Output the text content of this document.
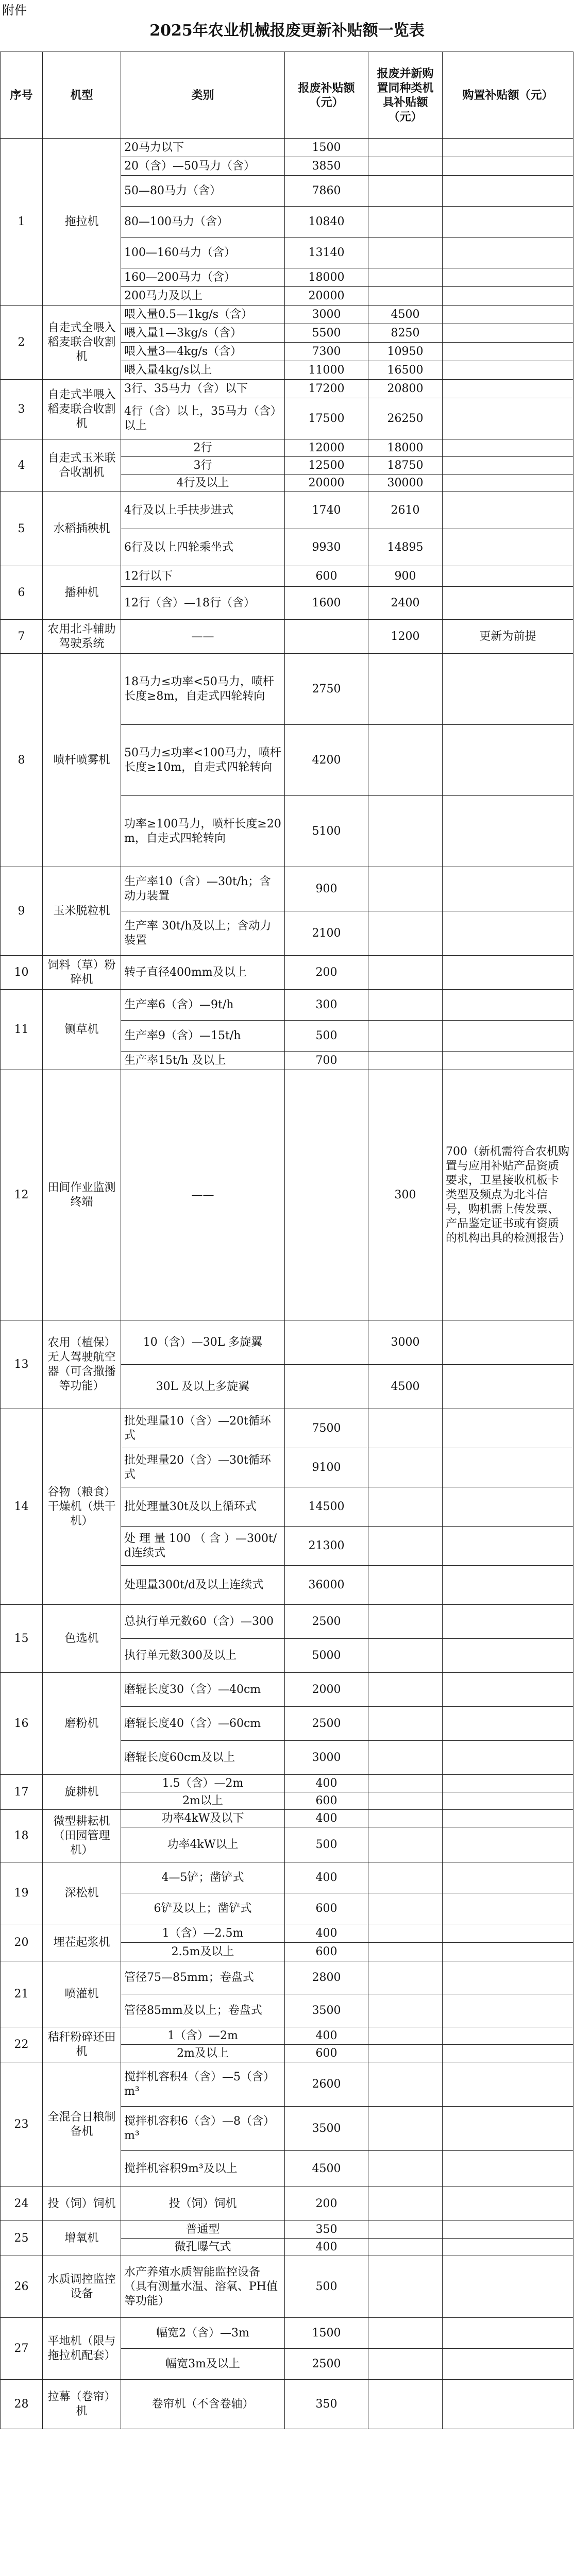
附件
2025年农业机械报废更新补贴额一览表
序号	机型	类别	报废补贴额（元）	报废并新购置同种类机具补贴额（元）	购置补贴额（元）
1	拖拉机	20马力以下	1500		
		20（含）—50马力（含）	3850		
		50—80马力（含）	7860		
		80—100马力（含）	10840		
		100—160马力（含）	13140		
		160—200马力（含）	18000		
		200马力及以上	20000		
2	自走式全喂入稻麦联合收割机	喂入量0.5—1kg/s（含）	3000	4500	
		喂入量1—3kg/s（含）	5500	8250	
		喂入量3—4kg/s（含）	7300	10950	
		喂入量4kg/s以上	11000	16500	
3	自走式半喂入稻麦联合收割机	3行、35马力（含）以下	17200	20800	
		4行（含）以上，35马力（含）以上	17500	26250	
4	自走式玉米联合收割机	2行	12000	18000	
		3行	12500	18750	
		4行及以上	20000	30000	
5	水稻插秧机	4行及以上手扶步进式	1740	2610	
		6行及以上四轮乘坐式	9930	14895	
6	播种机	12行以下	600	900	
		12行（含）—18行（含）	1600	2400	
7	农用北斗辅助驾驶系统	——		1200	更新为前提
8	喷杆喷雾机	18马力≤功率<50马力，喷杆长度≥8m，自走式四轮转向	2750		
		50马力≤功率<100马力，喷杆长度≥10m，自走式四轮转向	4200		
		功率≥100马力，喷杆长度≥20m，自走式四轮转向	5100		
9	玉米脱粒机	生产率10（含）—30t/h；含动力装置	900		
		生产率 30t/h及以上；含动力装置	2100		
10	饲料（草）粉碎机	转子直径400mm及以上	200		
11	铡草机	生产率6（含）—9t/h	300		
		生产率9（含）—15t/h	500		
		生产率15t/h 及以上	700		
12	田间作业监测终端	——		300	700（新机需符合农机购置与应用补贴产品资质要求，卫星接收机板卡类型及频点为北斗信号，购机需上传发票、产品鉴定证书或有资质的机构出具的检测报告）
13	农用（植保）无人驾驶航空器（可含撒播等功能）	10（含）—30L 多旋翼		3000	
		30L 及以上多旋翼		4500	
14	谷物（粮食）干燥机（烘干机）	批处理量10（含）—20t循环式	7500		
		批处理量20（含）—30t循环式	9100		
		批处理量30t及以上循环式	14500		
		处 理 量 100 （ 含 ）—300t/d连续式	21300		
		处理量300t/d及以上连续式	36000		
15	色选机	总执行单元数60（含）—300	2500		
		执行单元数300及以上	5000		
16	磨粉机	磨辊长度30（含）—40cm	2000		
		磨辊长度40（含）—60cm	2500		
		磨辊长度60cm及以上	3000		
17	旋耕机	1.5（含）—2m	400		
		2m以上	600		
18	微型耕耘机（田园管理机）	功率4kW及以下	400		
		功率4kW以上	500		
19	深松机	4—5铲；凿铲式	400		
		6铲及以上；凿铲式	600		
20	埋茬起浆机	1（含）—2.5m	400		
		2.5m及以上	600		
21	喷灌机	管径75—85mm；卷盘式	2800		
		管径85mm及以上；卷盘式	3500		
22	秸秆粉碎还田机	1（含）—2m	400		
		2m及以上	600		
23	全混合日粮制备机	搅拌机容积4（含）—5（含）m³	2600		
		搅拌机容积6（含）—8（含）m³	3500		
		搅拌机容积9m³及以上	4500		
24	投（饲）饲机	投（饲）饲机	200		
25	增氧机	普通型	350		
		微孔曝气式	400		
26	水质调控监控设备	水产养殖水质智能监控设备（具有测量水温、溶氧、PH值等功能）	500		
27	平地机（限与拖拉机配套）	幅宽2（含）—3m	1500		
		幅宽3m及以上	2500		
28	拉幕（卷帘）机	卷帘机（不含卷轴）	350		
